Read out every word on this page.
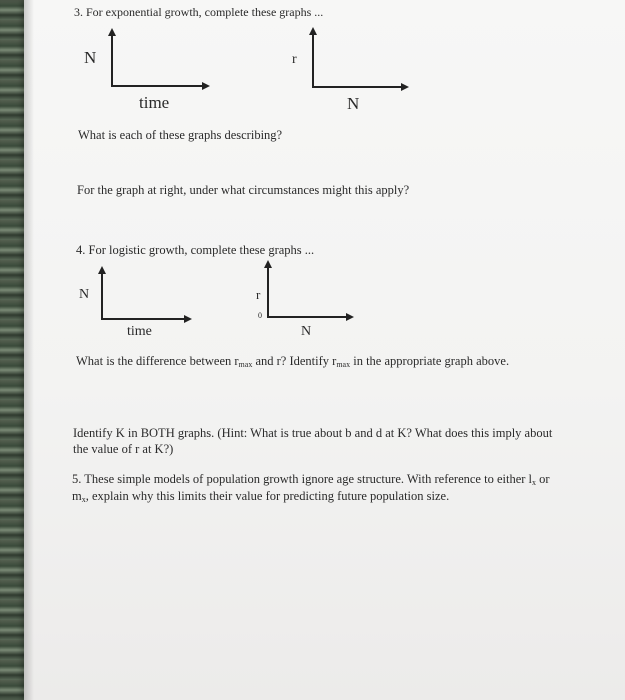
3. For exponential growth, complete these graphs ...
N
time
r
N
What is each of these graphs describing?
For the graph at right, under what circumstances might this apply?
4. For logistic growth, complete these graphs ...
N
time
r
0
N
What is the difference between $r_{max}$ and r? Identify $r_{max}$ in the appropriate graph above.
Identify K in BOTH graphs. (Hint: What is true about b and d at K? What does this imply about
the value of r at K?)
5. These simple models of population growth ignore age structure. With reference to either $l_x$ or
$m_x$, explain why this limits their value for predicting future population size.
